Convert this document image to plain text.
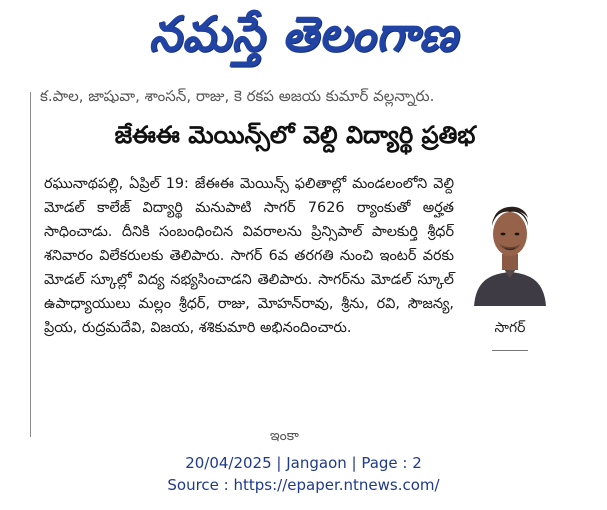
నమస్తే తెలంగాణ
క.పాల, జాషువా, శాంసన్, రాజు, కె రకప అజయ కుమార్ వల్లన్నారు.
జేఈఈ మెయిన్స్‌లో వెల్ది విద్యార్థి ప్రతిభ

రఘునాథపల్లి, ఏప్రిల్ 19: జేఈఈ మెయిన్స్ ఫలితాల్లో మండలంలోని వెల్ది మోడల్ కాలేజ్ విద్యార్థి మనుపాటి సాగర్ 7626 ర్యాంకుతో అర్హత సాధించాడు. దీనికి సంబంధించిన వివరాలను ప్రిన్సిపాల్ పాలకుర్తి శ్రీధర్ శనివారం విలేకరులకు తెలిపారు. సాగర్ 6వ తరగతి నుంచి ఇంటర్ వరకు మోడల్ స్కూల్లో విద్య నభ్యసించాడని తెలిపారు. సాగర్‌ను మోడల్ స్కూల్ ఉపాధ్యాయులు మల్లం శ్రీధర్, రాజు, మోహన్‌రావు, శ్రీను, రవి, సౌజన్య, ప్రియ, రుద్రమదేవి, విజయ, శశికుమారి అభినందించారు.	సాగర్
ఇంకా
20/04/2025 | Jangaon | Page : 2
Source : https://epaper.ntnews.com/
